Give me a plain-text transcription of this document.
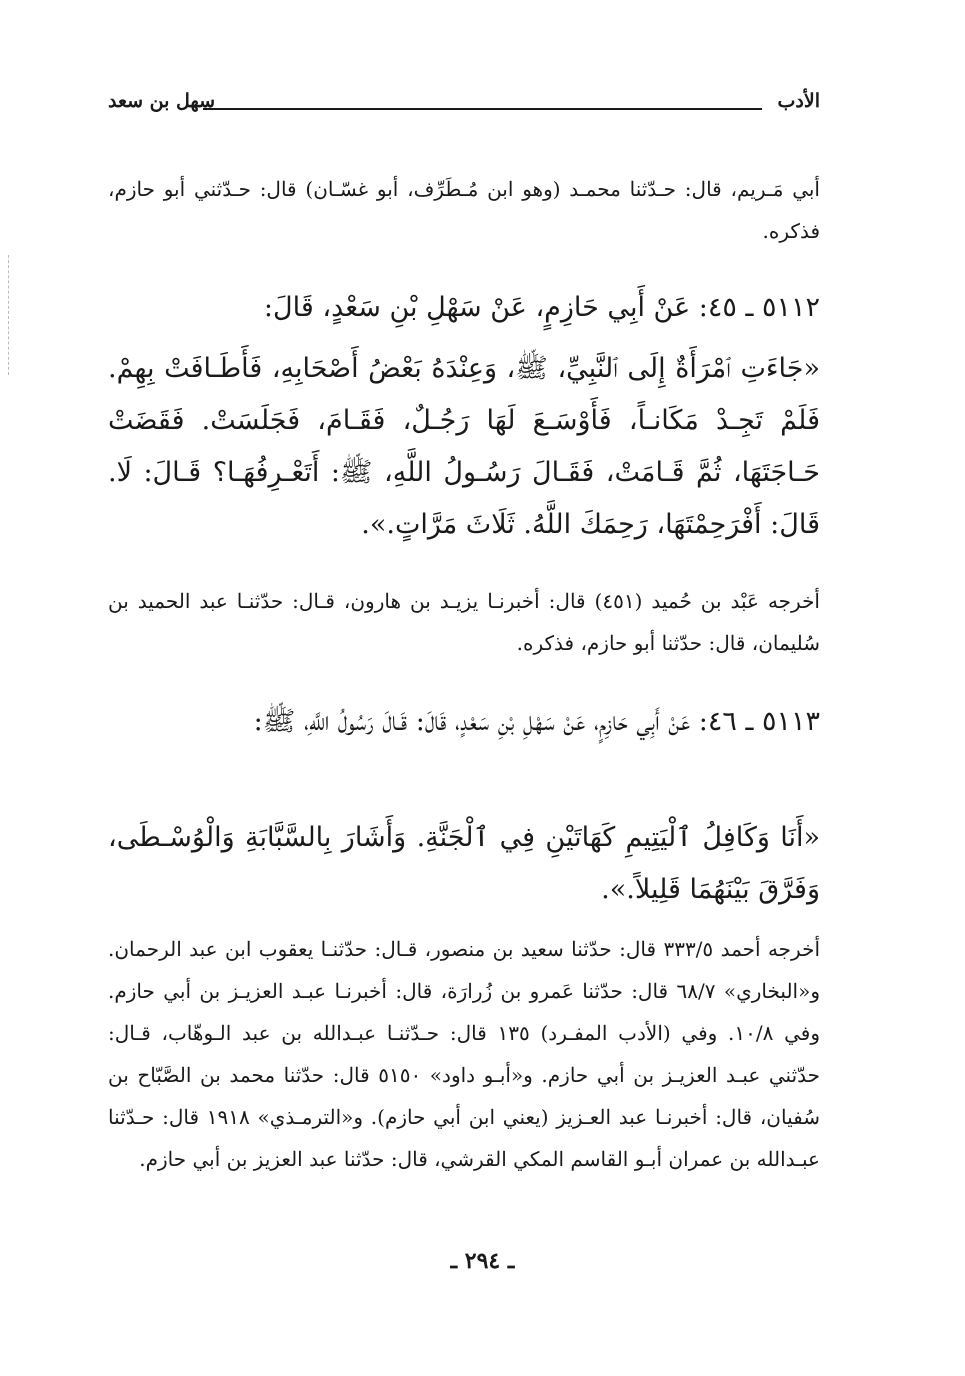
الأدب
سهل بن سعد
أبي مَـريم، قال: حـدّثنا محمـد (وهو ابن مُـطَرِّف، أبو غسّـان) قال: حـدّثني أبو حازم، فذكره.
٥١١٢ ـ ٤٥: عَنْ أَبِي حَازِمٍ، عَنْ سَهْلِ بْنِ سَعْدٍ، قَالَ:
«جَاءَتِ ٱمْرَأَةٌ إِلَى ٱلنَّبِيِّ، ﷺ، وَعِنْدَهُ بَعْضُ أَصْحَابِهِ، فَأَطَـافَتْ بِهِمْ. فَلَمْ تَجِـدْ مَكَانـاً، فَأَوْسَـعَ لَهَا رَجُـلٌ، فَقَـامَ، فَجَلَسَتْ. فَقَضَتْ حَـاجَتَهَا، ثُمَّ قَـامَتْ، فَقَـالَ رَسُـولُ اللَّهِ، ﷺ: أَتَعْـرِفُهَـا؟ قَـالَ: لَا. قَالَ: أَفْرَحِمْتَهَا، رَحِمَكَ اللَّهُ. ثَلَاثَ مَرَّاتٍ.».
أخرجه عَبْد بن حُميد (٤٥١) قال: أخبرنـا يزيـد بن هارون، قـال: حدّثنـا عبد الحميد بن سُليمان، قال: حدّثنا أبو حازم، فذكره.
٥١١٣ ـ ٤٦: عَنْ أَبِي حَازِمٍ، عَنْ سَهْلِ بْنِ سَعْدٍ، قَالَ: قَـالَ رَسُولُ اللَّهِ، ﷺ:
«أَنَا وَكَافِلُ ٱلْيَتِيمِ كَهَاتَيْنِ فِي ٱلْجَنَّةِ. وَأَشَارَ بِالسَّبَّابَةِ وَالْوُسْـطَى، وَفَرَّقَ بَيْنَهُمَا قَلِيلاً.».
أخرجه أحمد ٣٣٣/٥ قال: حدّثنا سعيد بن منصور، قـال: حدّثنـا يعقوب ابن عبد الرحمان. و«البخاري» ٦٨/٧ قال: حدّثنا عَمرو بن زُرارَة، قال: أخبرنـا عبـد العزيـز بن أبي حازم. وفي ١٠/٨. وفي (الأدب المفـرد) ١٣٥ قال: حـدّثنـا عبـدالله بن عبد الـوهّاب، قـال: حدّثني عبـد العزيـز بن أبي حازم. و«أبـو داود» ٥١٥٠ قال: حدّثنا محمد بن الصَّبّاح بن سُفيان، قال: أخبرنـا عبد العـزيز (يعني ابن أبي حازم). و«الترمـذي» ١٩١٨ قال: حـدّثنا عبـدالله بن عمران أبـو القاسم المكي القرشي، قال: حدّثنا عبد العزيز بن أبي حازم.
ـ ٢٩٤ ـ
